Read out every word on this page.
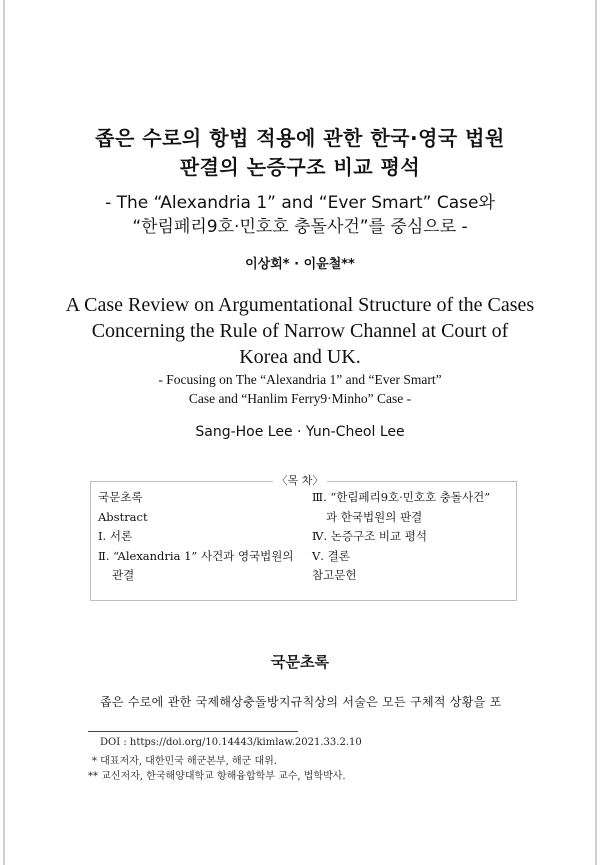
좁은 수로의 항법 적용에 관한 한국·영국 법원
판결의 논증구조 비교 평석
- The “Alexandria 1” and “Ever Smart” Case와
“한림페리9호·민호호 충돌사건”를 중심으로 -
이상회* · 이윤철**
A Case Review on Argumentational Structure of the Cases
Concerning the Rule of Narrow Channel at Court of
Korea and UK.
- Focusing on The “Alexandria 1” and “Ever Smart”
Case and “Hanlim Ferry9·Minho” Case -
Sang-Hoe Lee · Yun-Cheol Lee
〈목 차〉
국문초록
Abstract
Ⅰ. 서론
Ⅱ. “Alexandria 1” 사건과 영국법원의
관결
Ⅲ. “한림페리9호·민호호 충돌사건”
과 한국법원의 판결
Ⅳ. 논증구조 비교 평석
Ⅴ. 결론
참고문헌
국문초록
좁은 수로에 관한 국제해상충돌방지규칙상의 서술은 모든 구체적 상황을 포
DOI : https://doi.org/10.14443/kimlaw.2021.33.2.10
* 대표저자, 대한민국 해군본부, 해군 대위.
** 교신저자, 한국해양대학교 항해융합학부 교수, 법학박사.
